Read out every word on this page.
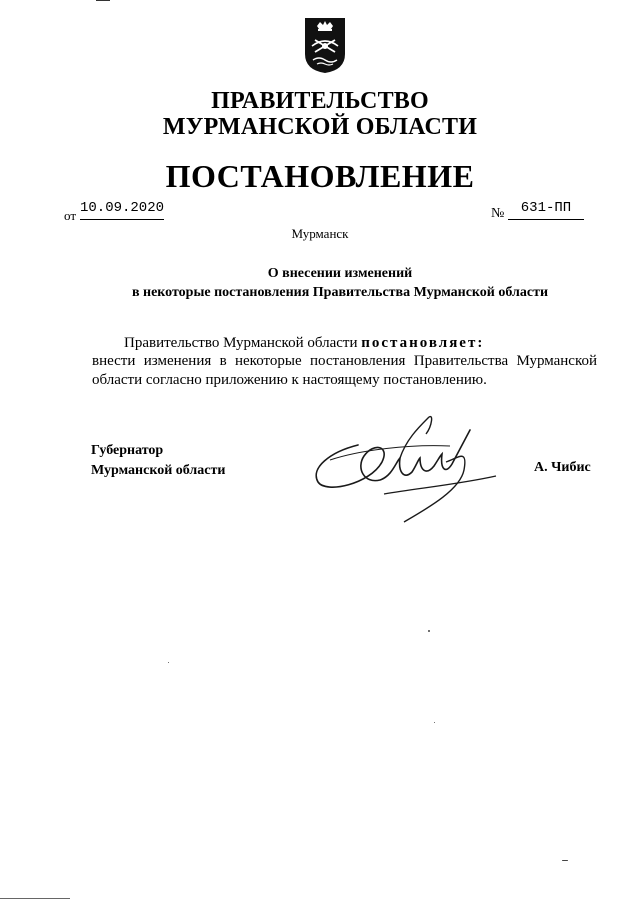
ПРАВИТЕЛЬСТВО
МУРМАНСКОЙ ОБЛАСТИ
ПОСТАНОВЛЕНИЕ
от 10.09.2020	№	631-ПП
Мурманск
О внесении изменений
в некоторые постановления Правительства Мурманской области
Правительство Мурманской области постановляет:
внести изменения в некоторые постановления Правительства Мурманской области согласно приложению к настоящему постановлению.
Губернатор
Мурманской области	А. Чибис
